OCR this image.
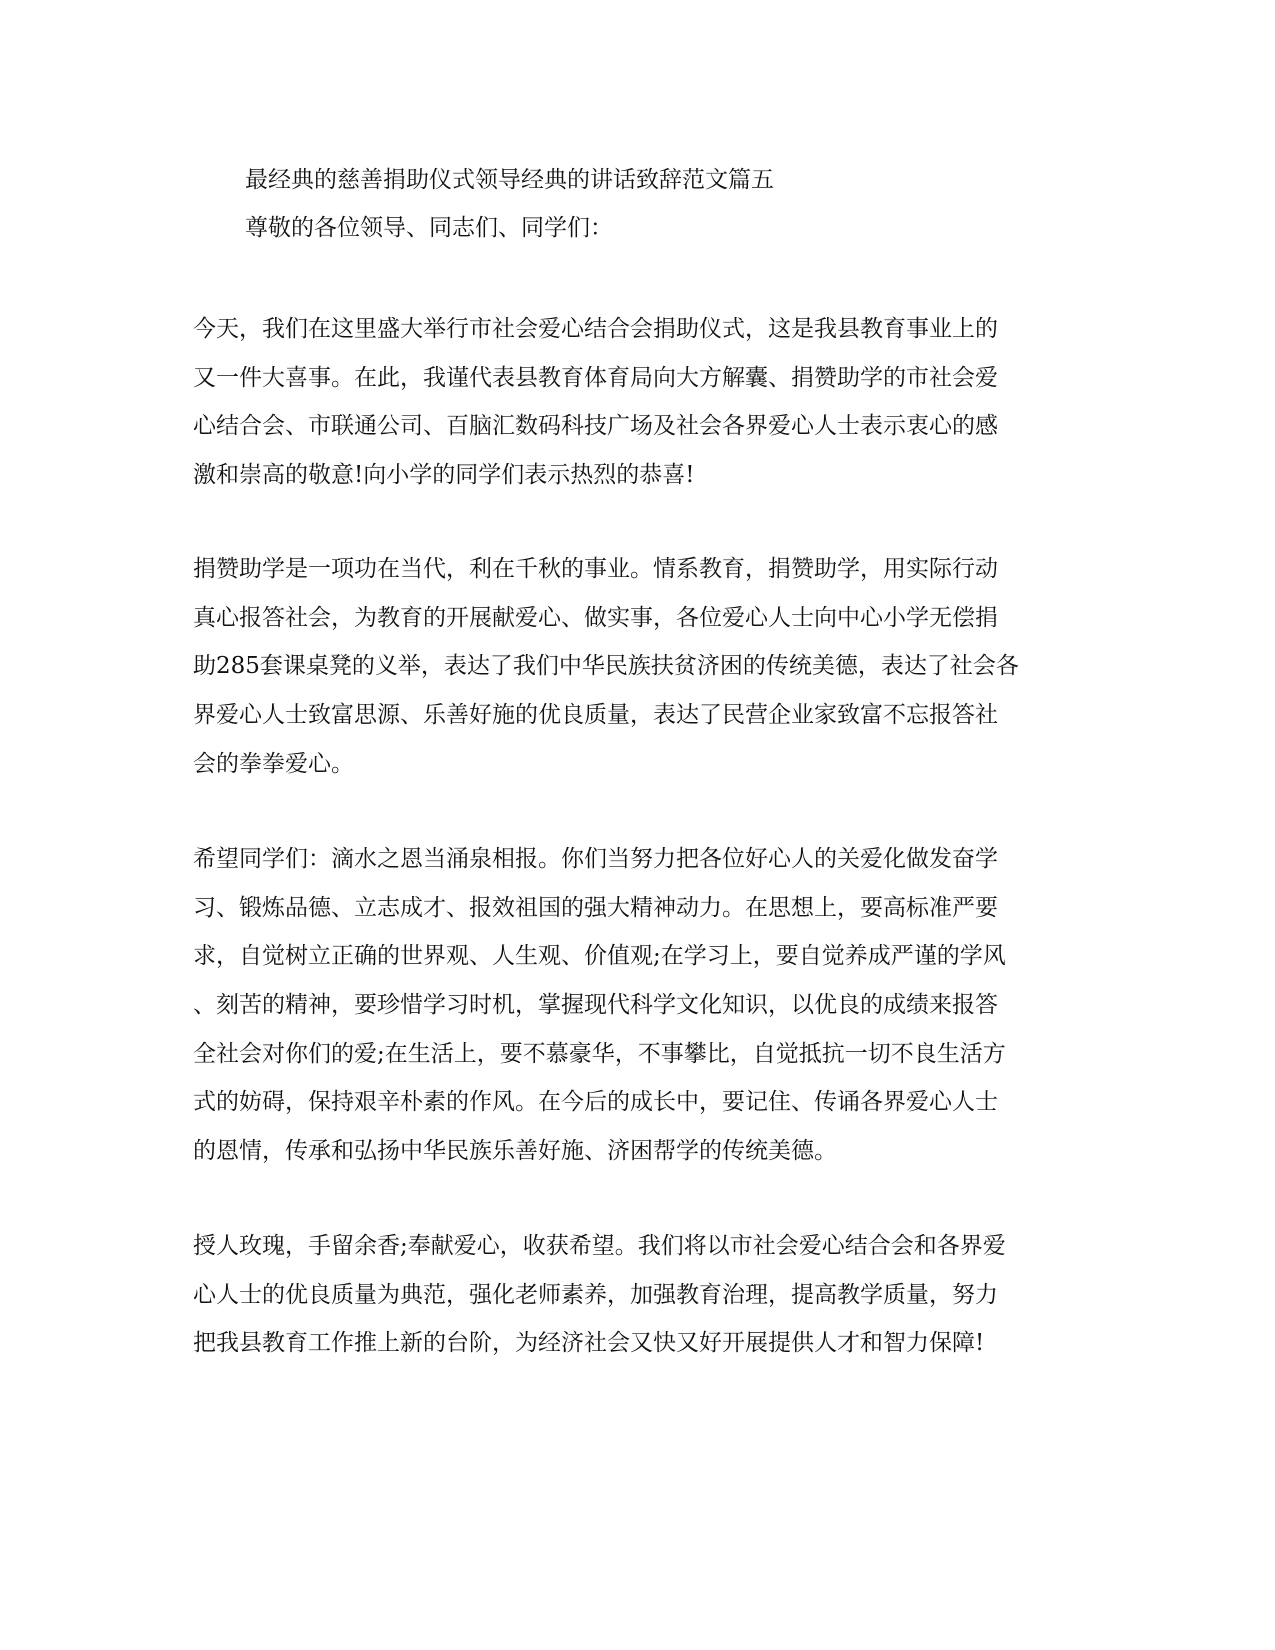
最经典的慈善捐助仪式领导经典的讲话致辞范文篇五
尊敬的各位领导、同志们、同学们：
今天，我们在这里盛大举行市社会爱心结合会捐助仪式，这是我县教育事业上的
又一件大喜事。在此，我谨代表县教育体育局向大方解囊、捐赞助学的市社会爱
心结合会、市联通公司、百脑汇数码科技广场及社会各界爱心人士表示衷心的感
激和崇高的敬意!向小学的同学们表示热烈的恭喜!
捐赞助学是一项功在当代，利在千秋的事业。情系教育，捐赞助学，用实际行动
真心报答社会，为教育的开展献爱心、做实事，各位爱心人士向中心小学无偿捐
助285套课桌凳的义举，表达了我们中华民族扶贫济困的传统美德，表达了社会各
界爱心人士致富思源、乐善好施的优良质量，表达了民营企业家致富不忘报答社
会的拳拳爱心。
希望同学们：滴水之恩当涌泉相报。你们当努力把各位好心人的关爱化做发奋学
习、锻炼品德、立志成才、报效祖国的强大精神动力。在思想上，要高标准严要
求，自觉树立正确的世界观、人生观、价值观;在学习上，要自觉养成严谨的学风
、刻苦的精神，要珍惜学习时机，掌握现代科学文化知识，以优良的成绩来报答
全社会对你们的爱;在生活上，要不慕豪华，不事攀比，自觉抵抗一切不良生活方
式的妨碍，保持艰辛朴素的作风。在今后的成长中，要记住、传诵各界爱心人士
的恩情，传承和弘扬中华民族乐善好施、济困帮学的传统美德。
授人玫瑰，手留余香;奉献爱心，收获希望。我们将以市社会爱心结合会和各界爱
心人士的优良质量为典范，强化老师素养，加强教育治理，提高教学质量，努力
把我县教育工作推上新的台阶，为经济社会又快又好开展提供人才和智力保障!
